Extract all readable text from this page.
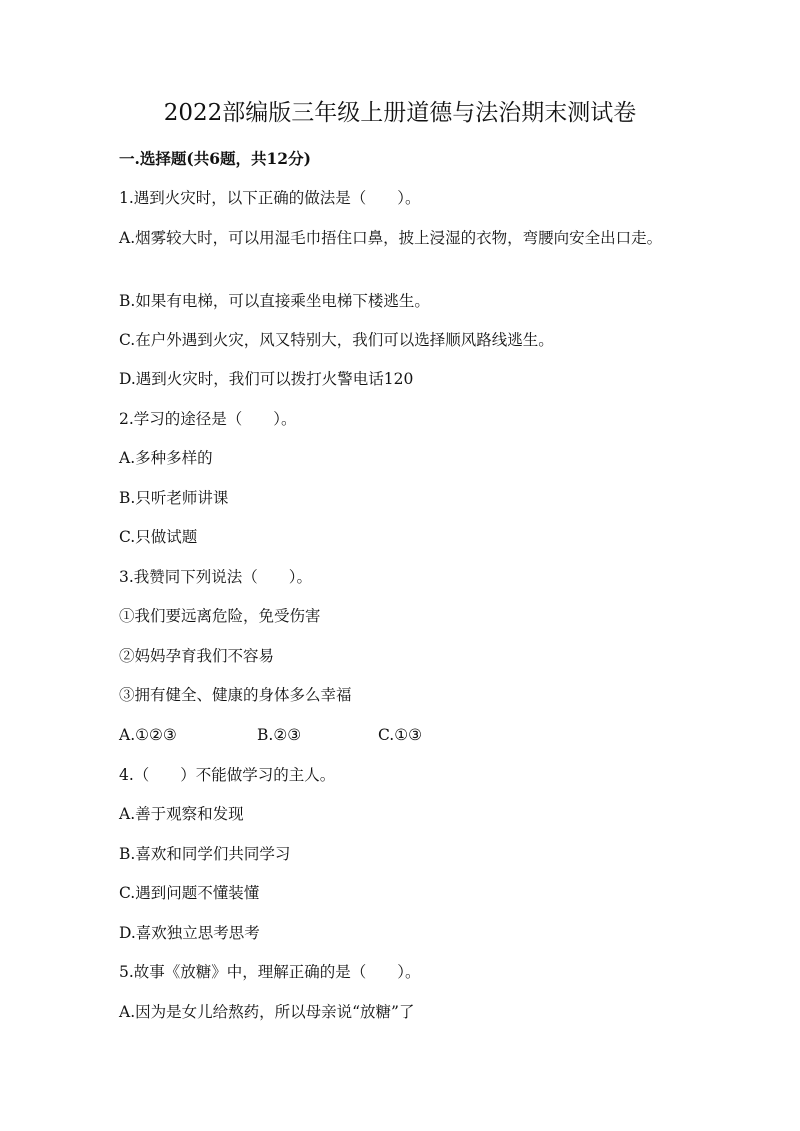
2022部编版三年级上册道德与法治期末测试卷
一.选择题(共6题，共12分)

1.遇到火灾时，以下正确的做法是（　　）。

A.烟雾较大时，可以用湿毛巾捂住口鼻，披上浸湿的衣物，弯腰向安全出口走。

B.如果有电梯，可以直接乘坐电梯下楼逃生。

C.在户外遇到火灾，风又特别大，我们可以选择顺风路线逃生。

D.遇到火灾时，我们可以拨打火警电话120

2.学习的途径是（　　）。

A.多种多样的

B.只听老师讲课

C.只做试题

3.我赞同下列说法（　　）。

①我们要远离危险，免受伤害

②妈妈孕育我们不容易

③拥有健全、健康的身体多么幸福

A.①②③	B.②③	C.①③

4.（　　）不能做学习的主人。

A.善于观察和发现

B.喜欢和同学们共同学习

C.遇到问题不懂装懂

D.喜欢独立思考思考

5.故事《放糖》中，理解正确的是（　　）。

A.因为是女儿给熬药，所以母亲说“放糖”了
